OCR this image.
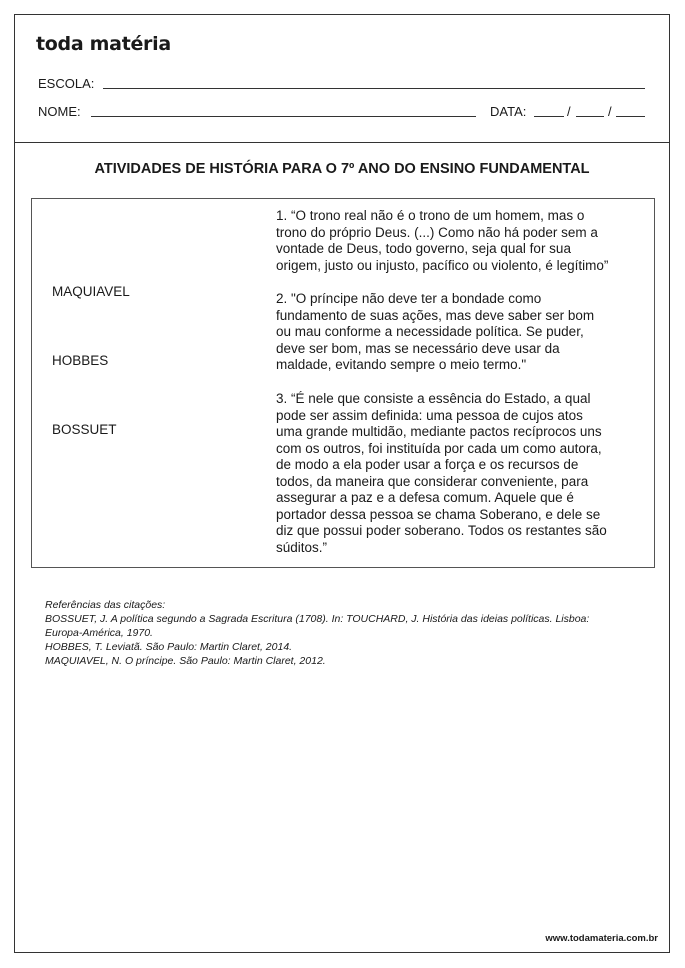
toda matéria
ESCOLA:
NOME:	DATA:	/	/
ATIVIDADES DE HISTÓRIA PARA O 7º ANO DO ENSINO FUNDAMENTAL
MAQUIAVEL
HOBBES
BOSSUET
1. “O trono real não é o trono de um homem, mas o
trono do próprio Deus. (...) Como não há poder sem a
vontade de Deus, todo governo, seja qual for sua
origem, justo ou injusto, pacífico ou violento, é legítimo”
2. "O príncipe não deve ter a bondade como
fundamento de suas ações, mas deve saber ser bom
ou mau conforme a necessidade política. Se puder,
deve ser bom, mas se necessário deve usar da
maldade, evitando sempre o meio termo."
3. “É nele que consiste a essência do Estado, a qual
pode ser assim definida: uma pessoa de cujos atos
uma grande multidão, mediante pactos recíprocos uns
com os outros, foi instituída por cada um como autora,
de modo a ela poder usar a força e os recursos de
todos, da maneira que considerar conveniente, para
assegurar a paz e a defesa comum. Aquele que é
portador dessa pessoa se chama Soberano, e dele se
diz que possui poder soberano. Todos os restantes são
súditos.”
Referências das citações:
BOSSUET, J. A política segundo a Sagrada Escritura (1708). In: TOUCHARD, J. História das ideias políticas. Lisboa:
Europa-América, 1970.
HOBBES, T. Leviatã. São Paulo: Martin Claret, 2014.
MAQUIAVEL, N. O príncipe. São Paulo: Martin Claret, 2012.
www.todamateria.com.br
